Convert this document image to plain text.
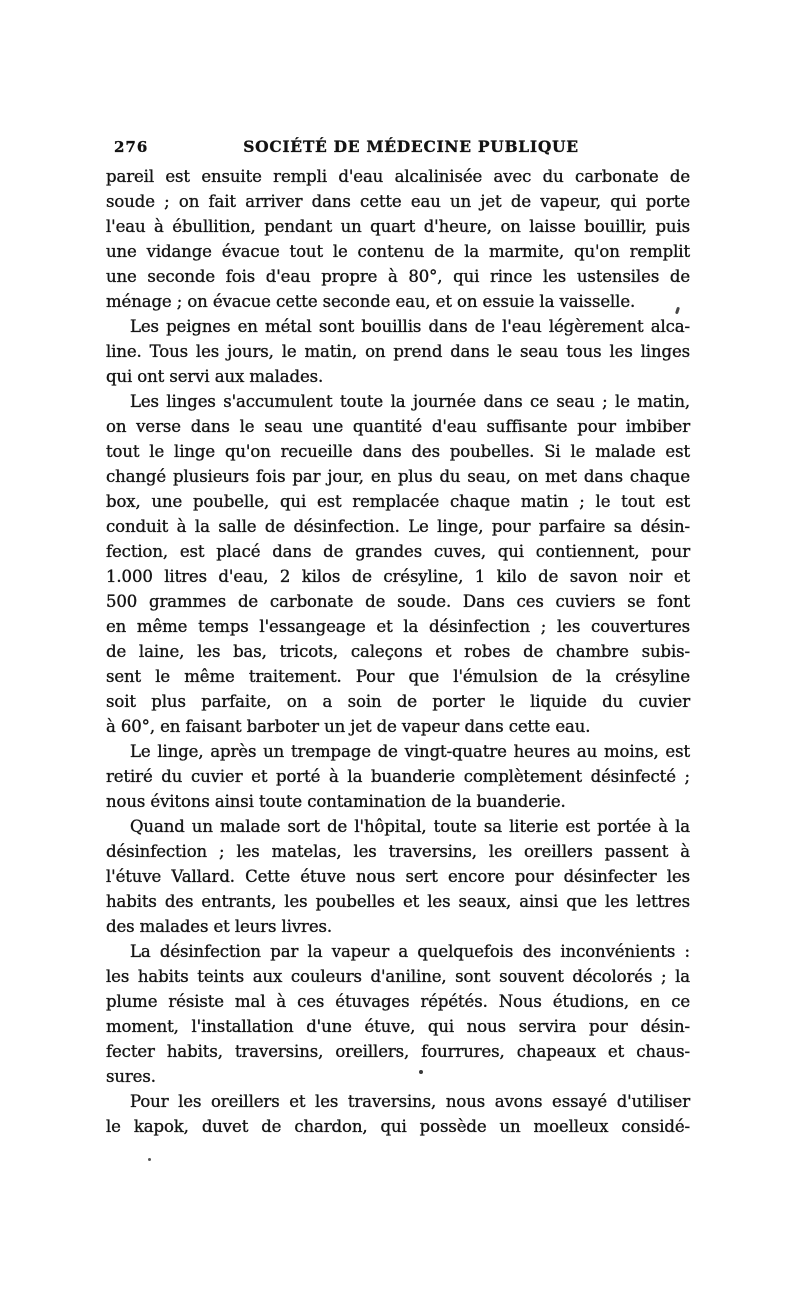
276	SOCIÉTÉ DE MÉDECINE PUBLIQUE
pareil est ensuite rempli d'eau alcalinisée avec du carbonate de
soude ; on fait arriver dans cette eau un jet de vapeur, qui porte
l'eau à ébullition, pendant un quart d'heure, on laisse bouillir, puis
une vidange évacue tout le contenu de la marmite, qu'on remplit
une seconde fois d'eau propre à 80°, qui rince les ustensiles de
ménage ; on évacue cette seconde eau, et on essuie la vaisselle.
Les peignes en métal sont bouillis dans de l'eau légèrement alca-
line. Tous les jours, le matin, on prend dans le seau tous les linges
qui ont servi aux malades.
Les linges s'accumulent toute la journée dans ce seau ; le matin,
on verse dans le seau une quantité d'eau suffisante pour imbiber
tout le linge qu'on recueille dans des poubelles. Si le malade est
changé plusieurs fois par jour, en plus du seau, on met dans chaque
box, une poubelle, qui est remplacée chaque matin ; le tout est
conduit à la salle de désinfection. Le linge, pour parfaire sa désin-
fection, est placé dans de grandes cuves, qui contiennent, pour
1.000 litres d'eau, 2 kilos de crésyline, 1 kilo de savon noir et
500 grammes de carbonate de soude. Dans ces cuviers se font
en même temps l'essangeage et la désinfection ; les couvertures
de laine, les bas, tricots, caleçons et robes de chambre subis-
sent le même traitement. Pour que l'émulsion de la crésyline
soit plus parfaite, on a soin de porter le liquide du cuvier
à 60°, en faisant barboter un jet de vapeur dans cette eau.
Le linge, après un trempage de vingt-quatre heures au moins, est
retiré du cuvier et porté à la buanderie complètement désinfecté ;
nous évitons ainsi toute contamination de la buanderie.
Quand un malade sort de l'hôpital, toute sa literie est portée à la
désinfection ; les matelas, les traversins, les oreillers passent à
l'étuve Vallard. Cette étuve nous sert encore pour désinfecter les
habits des entrants, les poubelles et les seaux, ainsi que les lettres
des malades et leurs livres.
La désinfection par la vapeur a quelquefois des inconvénients :
les habits teints aux couleurs d'aniline, sont souvent décolorés ; la
plume résiste mal à ces étuvages répétés. Nous étudions, en ce
moment, l'installation d'une étuve, qui nous servira pour désin-
fecter habits, traversins, oreillers, fourrures, chapeaux et chaus-
sures.
Pour les oreillers et les traversins, nous avons essayé d'utiliser
le kapok, duvet de chardon, qui possède un moelleux considé-
